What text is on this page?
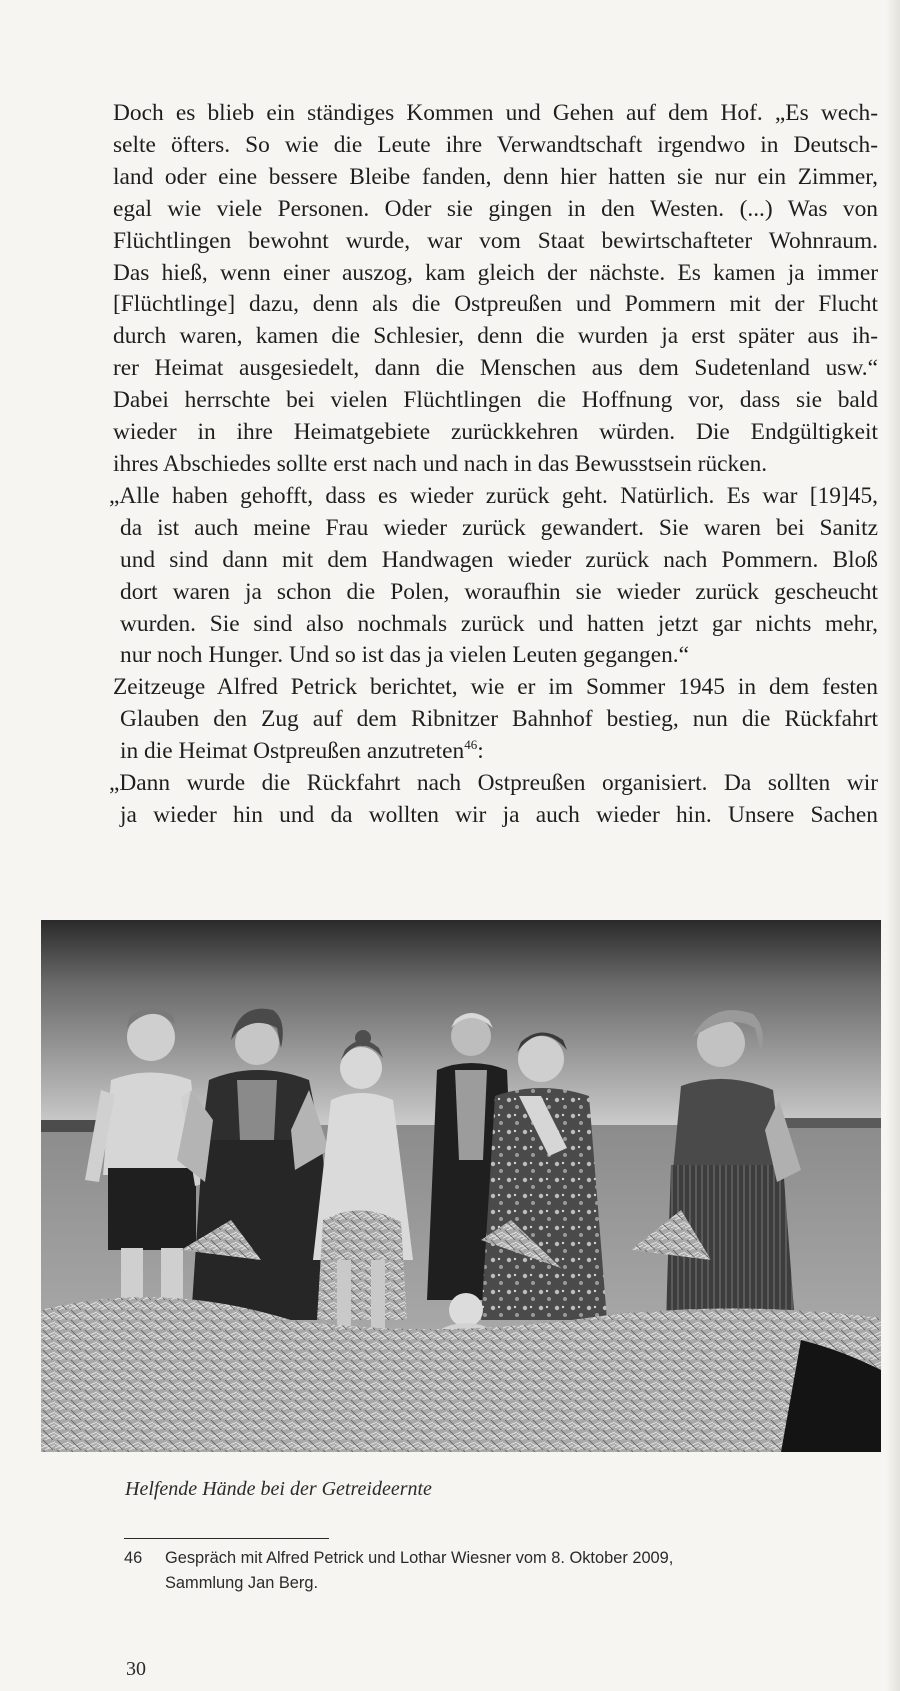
Doch es blieb ein ständiges Kommen und Gehen auf dem Hof. „Es wech-
selte öfters. So wie die Leute ihre Verwandtschaft irgendwo in Deutsch-
land oder eine bessere Bleibe fanden, denn hier hatten sie nur ein Zimmer,
egal wie viele Personen. Oder sie gingen in den Westen. (...) Was von
Flüchtlingen bewohnt wurde, war vom Staat bewirtschafteter Wohnraum.
Das hieß, wenn einer auszog, kam gleich der nächste. Es kamen ja immer
[Flüchtlinge] dazu, denn als die Ostpreußen und Pommern mit der Flucht
durch waren, kamen die Schlesier, denn die wurden ja erst später aus ih-
rer Heimat ausgesiedelt, dann die Menschen aus dem Sudetenland usw.“
Dabei herrschte bei vielen Flüchtlingen die Hoffnung vor, dass sie bald
wieder in ihre Heimatgebiete zurückkehren würden. Die Endgültigkeit
ihres Abschiedes sollte erst nach und nach in das Bewusstsein rücken.
„Alle haben gehofft, dass es wieder zurück geht. Natürlich. Es war [19]45,
da ist auch meine Frau wieder zurück gewandert. Sie waren bei Sanitz
und sind dann mit dem Handwagen wieder zurück nach Pommern. Bloß
dort waren ja schon die Polen, woraufhin sie wieder zurück gescheucht
wurden. Sie sind also nochmals zurück und hatten jetzt gar nichts mehr,
nur noch Hunger. Und so ist das ja vielen Leuten gegangen.“
Zeitzeuge Alfred Petrick berichtet, wie er im Sommer 1945 in dem festen
Glauben den Zug auf dem Ribnitzer Bahnhof bestieg, nun die Rückfahrt
in die Heimat Ostpreußen anzutreten$^{46}$:
„Dann wurde die Rückfahrt nach Ostpreußen organisiert. Da sollten wir
ja wieder hin und da wollten wir ja auch wieder hin. Unsere Sachen
Helfende Hände bei der Getreideernte
46 Gespräch mit Alfred Petrick und Lothar Wiesner vom 8. Oktober 2009,
Sammlung Jan Berg.
30
